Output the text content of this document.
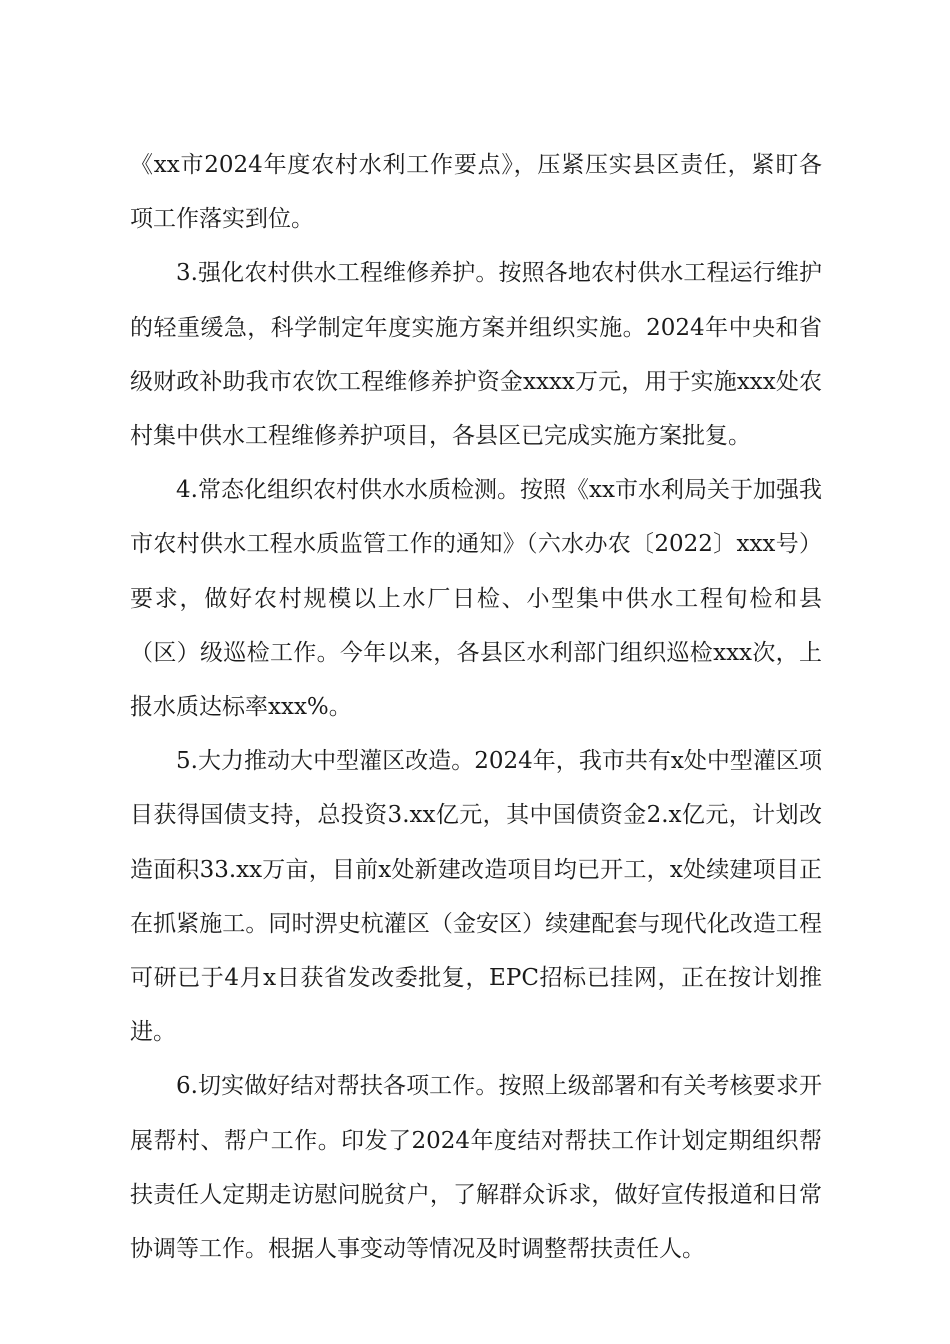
《xx市2024年度农村水利工作要点》，压紧压实县区责任，紧盯各项工作落实到位。

3.强化农村供水工程维修养护。按照各地农村供水工程运行维护的轻重缓急，科学制定年度实施方案并组织实施。2024年中央和省级财政补助我市农饮工程维修养护资金xxxx万元，用于实施xxx处农村集中供水工程维修养护项目，各县区已完成实施方案批复。

4.常态化组织农村供水水质检测。按照《xx市水利局关于加强我市农村供水工程水质监管工作的通知》（六水办农〔2022〕xxx号）要求，做好农村规模以上水厂日检、小型集中供水工程旬检和县（区）级巡检工作。今年以来，各县区水利部门组织巡检xxx次，上报水质达标率xxx%。

5.大力推动大中型灌区改造。2024年，我市共有x处中型灌区项目获得国债支持，总投资3.xx亿元，其中国债资金2.x亿元，计划改造面积33.xx万亩，目前x处新建改造项目均已开工，x处续建项目正在抓紧施工。同时淠史杭灌区（金安区）续建配套与现代化改造工程可研已于4月x日获省发改委批复，EPC招标已挂网，正在按计划推进。

6.切实做好结对帮扶各项工作。按照上级部署和有关考核要求开展帮村、帮户工作。印发了2024年度结对帮扶工作计划定期组织帮扶责任人定期走访慰问脱贫户，了解群众诉求，做好宣传报道和日常协调等工作。根据人事变动等情况及时调整帮扶责任人。
